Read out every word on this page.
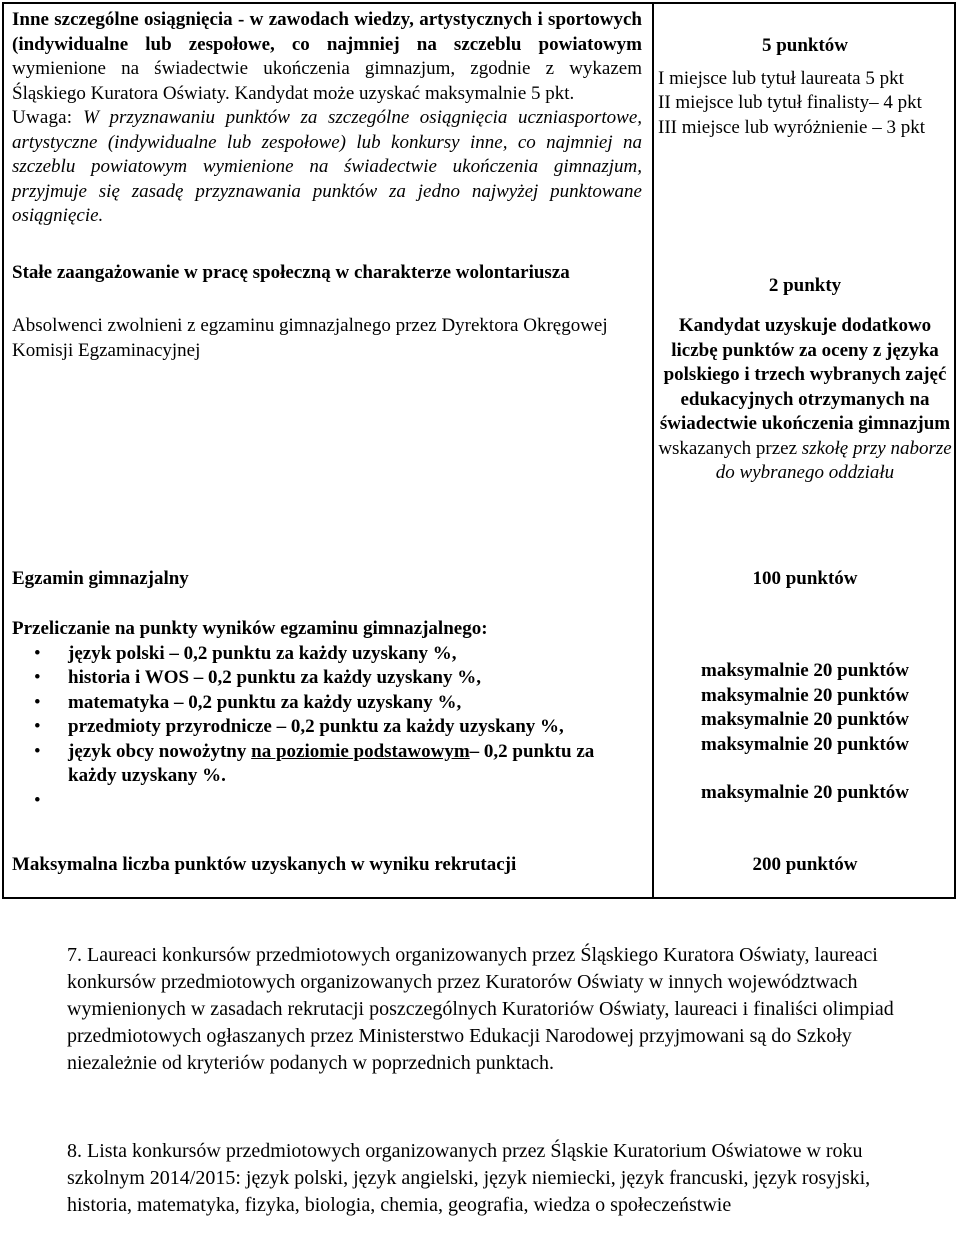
Inne szczególne osiągnięcia - w zawodach wiedzy, artystycznych i sportowych (indywidualne lub zespołowe, co najmniej na szczeblu powiatowym wymienione na świadectwie ukończenia gimnazjum, zgodnie z wykazem Śląskiego Kuratora Oświaty. Kandydat może uzyskać maksymalnie 5 pkt.
Uwaga: W przyznawaniu punktów za szczególne osiągnięcia uczniasportowe, artystyczne (indywidualne lub zespołowe) lub konkursy inne, co najmniej na szczeblu powiatowym wymienione na świadectwie ukończenia gimnazjum, przyjmuje się zasadę przyznawania punktów za jedno najwyżej punktowane osiągnięcie.
5 punktów
I miejsce lub tytuł laureata 5 pkt
II miejsce lub tytuł finalisty– 4 pkt
III miejsce lub wyróżnienie – 3 pkt
Stałe zaangażowanie w pracę społeczną w charakterze wolontariusza
2 punkty
Absolwenci zwolnieni z egzaminu gimnazjalnego przez Dyrektora Okręgowej Komisji Egzaminacyjnej
Kandydat uzyskuje dodatkowo liczbę punktów za oceny z języka polskiego i trzech wybranych zajęć edukacyjnych otrzymanych na świadectwie ukończenia gimnazjum wskazanych przez szkołę przy naborze do wybranego oddziału
Egzamin gimnazjalny	100 punktów
Przeliczanie na punkty wyników egzaminu gimnazjalnego:
• język polski – 0,2 punktu za każdy uzyskany %,
• historia i WOS – 0,2 punktu za każdy uzyskany %,
• matematyka – 0,2 punktu za każdy uzyskany %,
• przedmioty przyrodnicze – 0,2 punktu za każdy uzyskany %,
• język obcy nowożytny na poziomie podstawowym– 0,2 punktu za każdy uzyskany %.
•
maksymalnie 20 punktów
maksymalnie 20 punktów
maksymalnie 20 punktów
maksymalnie 20 punktów
maksymalnie 20 punktów
Maksymalna liczba punktów uzyskanych w wyniku rekrutacji	200 punktów
7. Laureaci konkursów przedmiotowych organizowanych przez Śląskiego Kuratora Oświaty, laureaci konkursów przedmiotowych organizowanych przez Kuratorów Oświaty w innych województwach wymienionych w zasadach rekrutacji poszczególnych Kuratoriów Oświaty, laureaci i finaliści olimpiad przedmiotowych ogłaszanych przez Ministerstwo Edukacji Narodowej przyjmowani są do Szkoły niezależnie od kryteriów podanych w poprzednich punktach.
8. Lista konkursów przedmiotowych organizowanych przez Śląskie Kuratorium Oświatowe w roku szkolnym 2014/2015: język polski, język angielski, język niemiecki, język francuski, język rosyjski, historia, matematyka, fizyka, biologia, chemia, geografia, wiedza o społeczeństwie
